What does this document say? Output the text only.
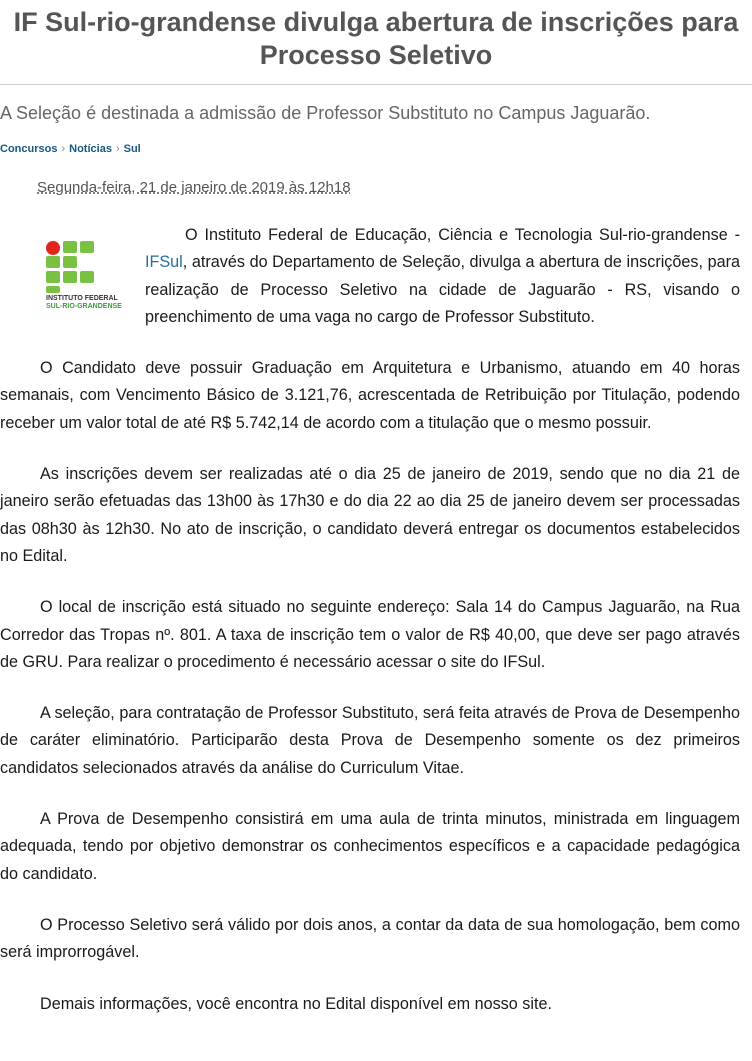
IF Sul-rio-grandense divulga abertura de inscrições para Processo Seletivo

A Seleção é destinada a admissão de Professor Substituto no Campus Jaguarão.

Concursos › Notícias › Sul
Segunda-feira, 21 de janeiro de 2019 às 12h18

INSTITUTO FEDERAL
SUL-RIO-GRANDENSE
O Instituto Federal de Educação, Ciência e Tecnologia Sul-rio-grandense - IFSul, através do Departamento de Seleção, divulga a abertura de inscrições, para realização de Processo Seletivo na cidade de Jaguarão - RS, visando o preenchimento de uma vaga no cargo de Professor Substituto.

O Candidato deve possuir Graduação em Arquitetura e Urbanismo, atuando em 40 horas semanais, com Vencimento Básico de 3.121,76, acrescentada de Retribuição por Titulação, podendo receber um valor total de até R$ 5.742,14 de acordo com a titulação que o mesmo possuir.

As inscrições devem ser realizadas até o dia 25 de janeiro de 2019, sendo que no dia 21 de janeiro serão efetuadas das 13h00 às 17h30 e do dia 22 ao dia 25 de janeiro devem ser processadas das 08h30 às 12h30. No ato de inscrição, o candidato deverá entregar os documentos estabelecidos no Edital.

O local de inscrição está situado no seguinte endereço: Sala 14 do Campus Jaguarão, na Rua Corredor das Tropas nº. 801. A taxa de inscrição tem o valor de R$ 40,00, que deve ser pago através de GRU. Para realizar o procedimento é necessário acessar o site do IFSul.

A seleção, para contratação de Professor Substituto, será feita através de Prova de Desempenho de caráter eliminatório. Participarão desta Prova de Desempenho somente os dez primeiros candidatos selecionados através da análise do Curriculum Vitae.

A Prova de Desempenho consistirá em uma aula de trinta minutos, ministrada em linguagem adequada, tendo por objetivo demonstrar os conhecimentos específicos e a capacidade pedagógica do candidato.

O Processo Seletivo será válido por dois anos, a contar da data de sua homologação, bem como será improrrogável.

Demais informações, você encontra no Edital disponível em nosso site.
